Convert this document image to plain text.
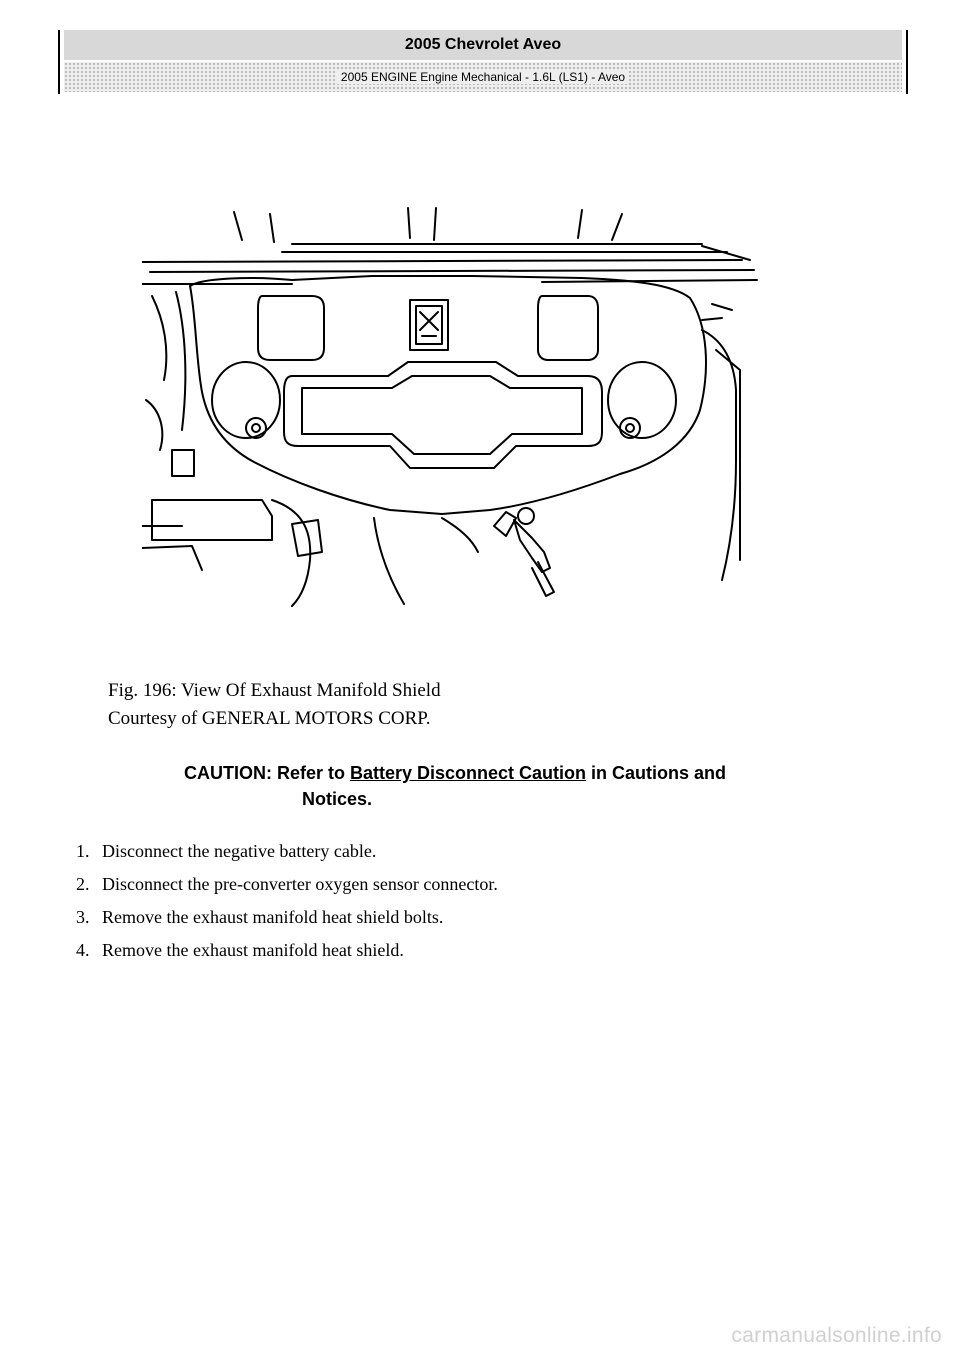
2005 Chevrolet Aveo
2005 ENGINE Engine Mechanical - 1.6L (LS1) - Aveo
Fig. 196: View Of Exhaust Manifold Shield
Courtesy of GENERAL MOTORS CORP.
CAUTION: Refer to Battery Disconnect Caution in Cautions and
Notices.
1. Disconnect the negative battery cable.
2. Disconnect the pre-converter oxygen sensor connector.
3. Remove the exhaust manifold heat shield bolts.
4. Remove the exhaust manifold heat shield.
carmanualsonline.info
